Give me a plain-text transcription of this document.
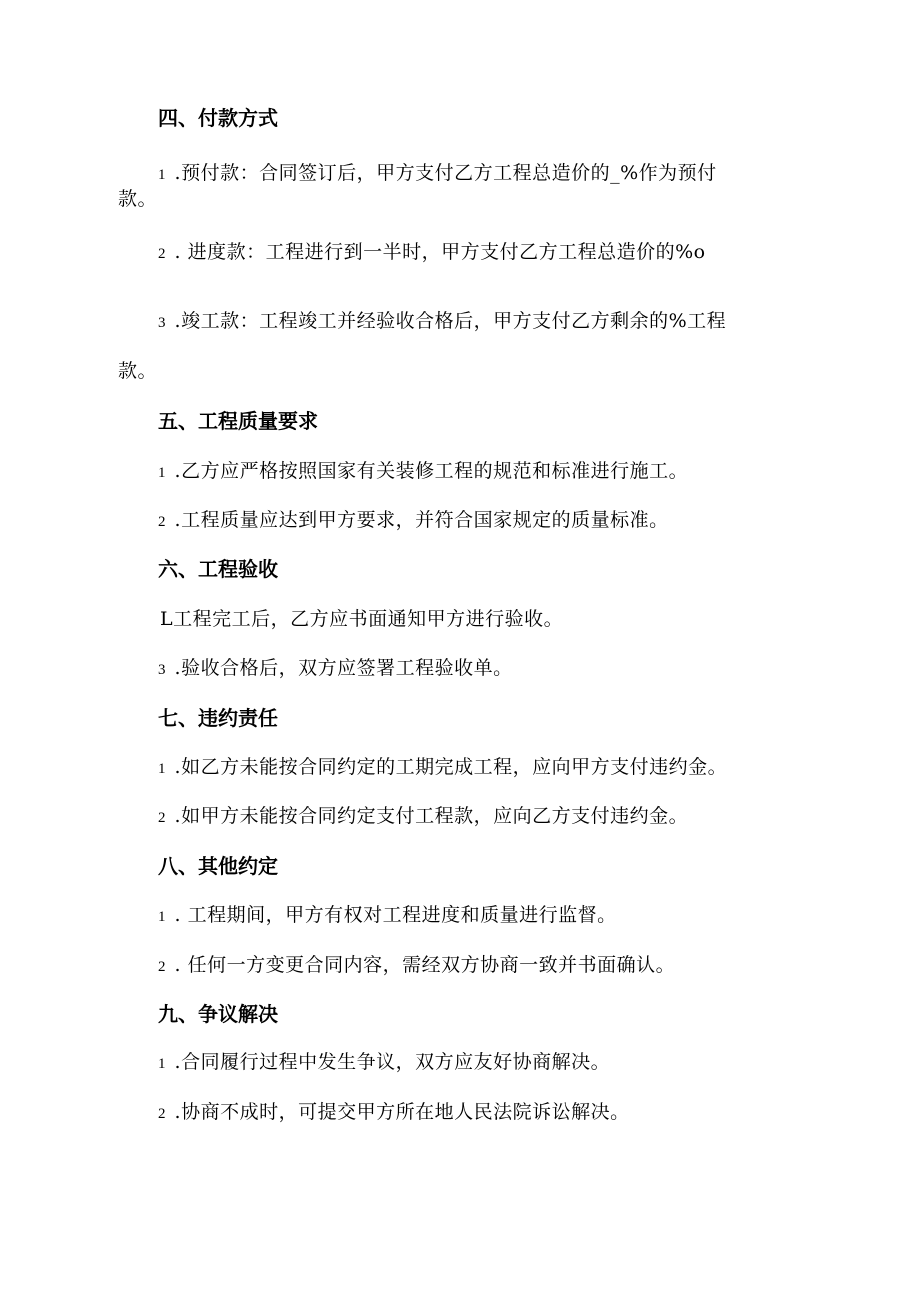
四、付款方式
1 .预付款：合同签订后，甲方支付乙方工程总造价的_%作为预付
款。
2 . 进度款：工程进行到一半时，甲方支付乙方工程总造价的%o
3 .竣工款：工程竣工并经验收合格后，甲方支付乙方剩余的%工程
款。
五、工程质量要求
1 .乙方应严格按照国家有关装修工程的规范和标准进行施工。
2 .工程质量应达到甲方要求，并符合国家规定的质量标准。
六、工程验收
L工程完工后，乙方应书面通知甲方进行验收。
3 .验收合格后，双方应签署工程验收单。
七、违约责任
1 .如乙方未能按合同约定的工期完成工程，应向甲方支付违约金。
2 .如甲方未能按合同约定支付工程款，应向乙方支付违约金。
八、其他约定
1 . 工程期间，甲方有权对工程进度和质量进行监督。
2 . 任何一方变更合同内容，需经双方协商一致并书面确认。
九、争议解决
1 .合同履行过程中发生争议，双方应友好协商解决。
2 .协商不成时，可提交甲方所在地人民法院诉讼解决。
